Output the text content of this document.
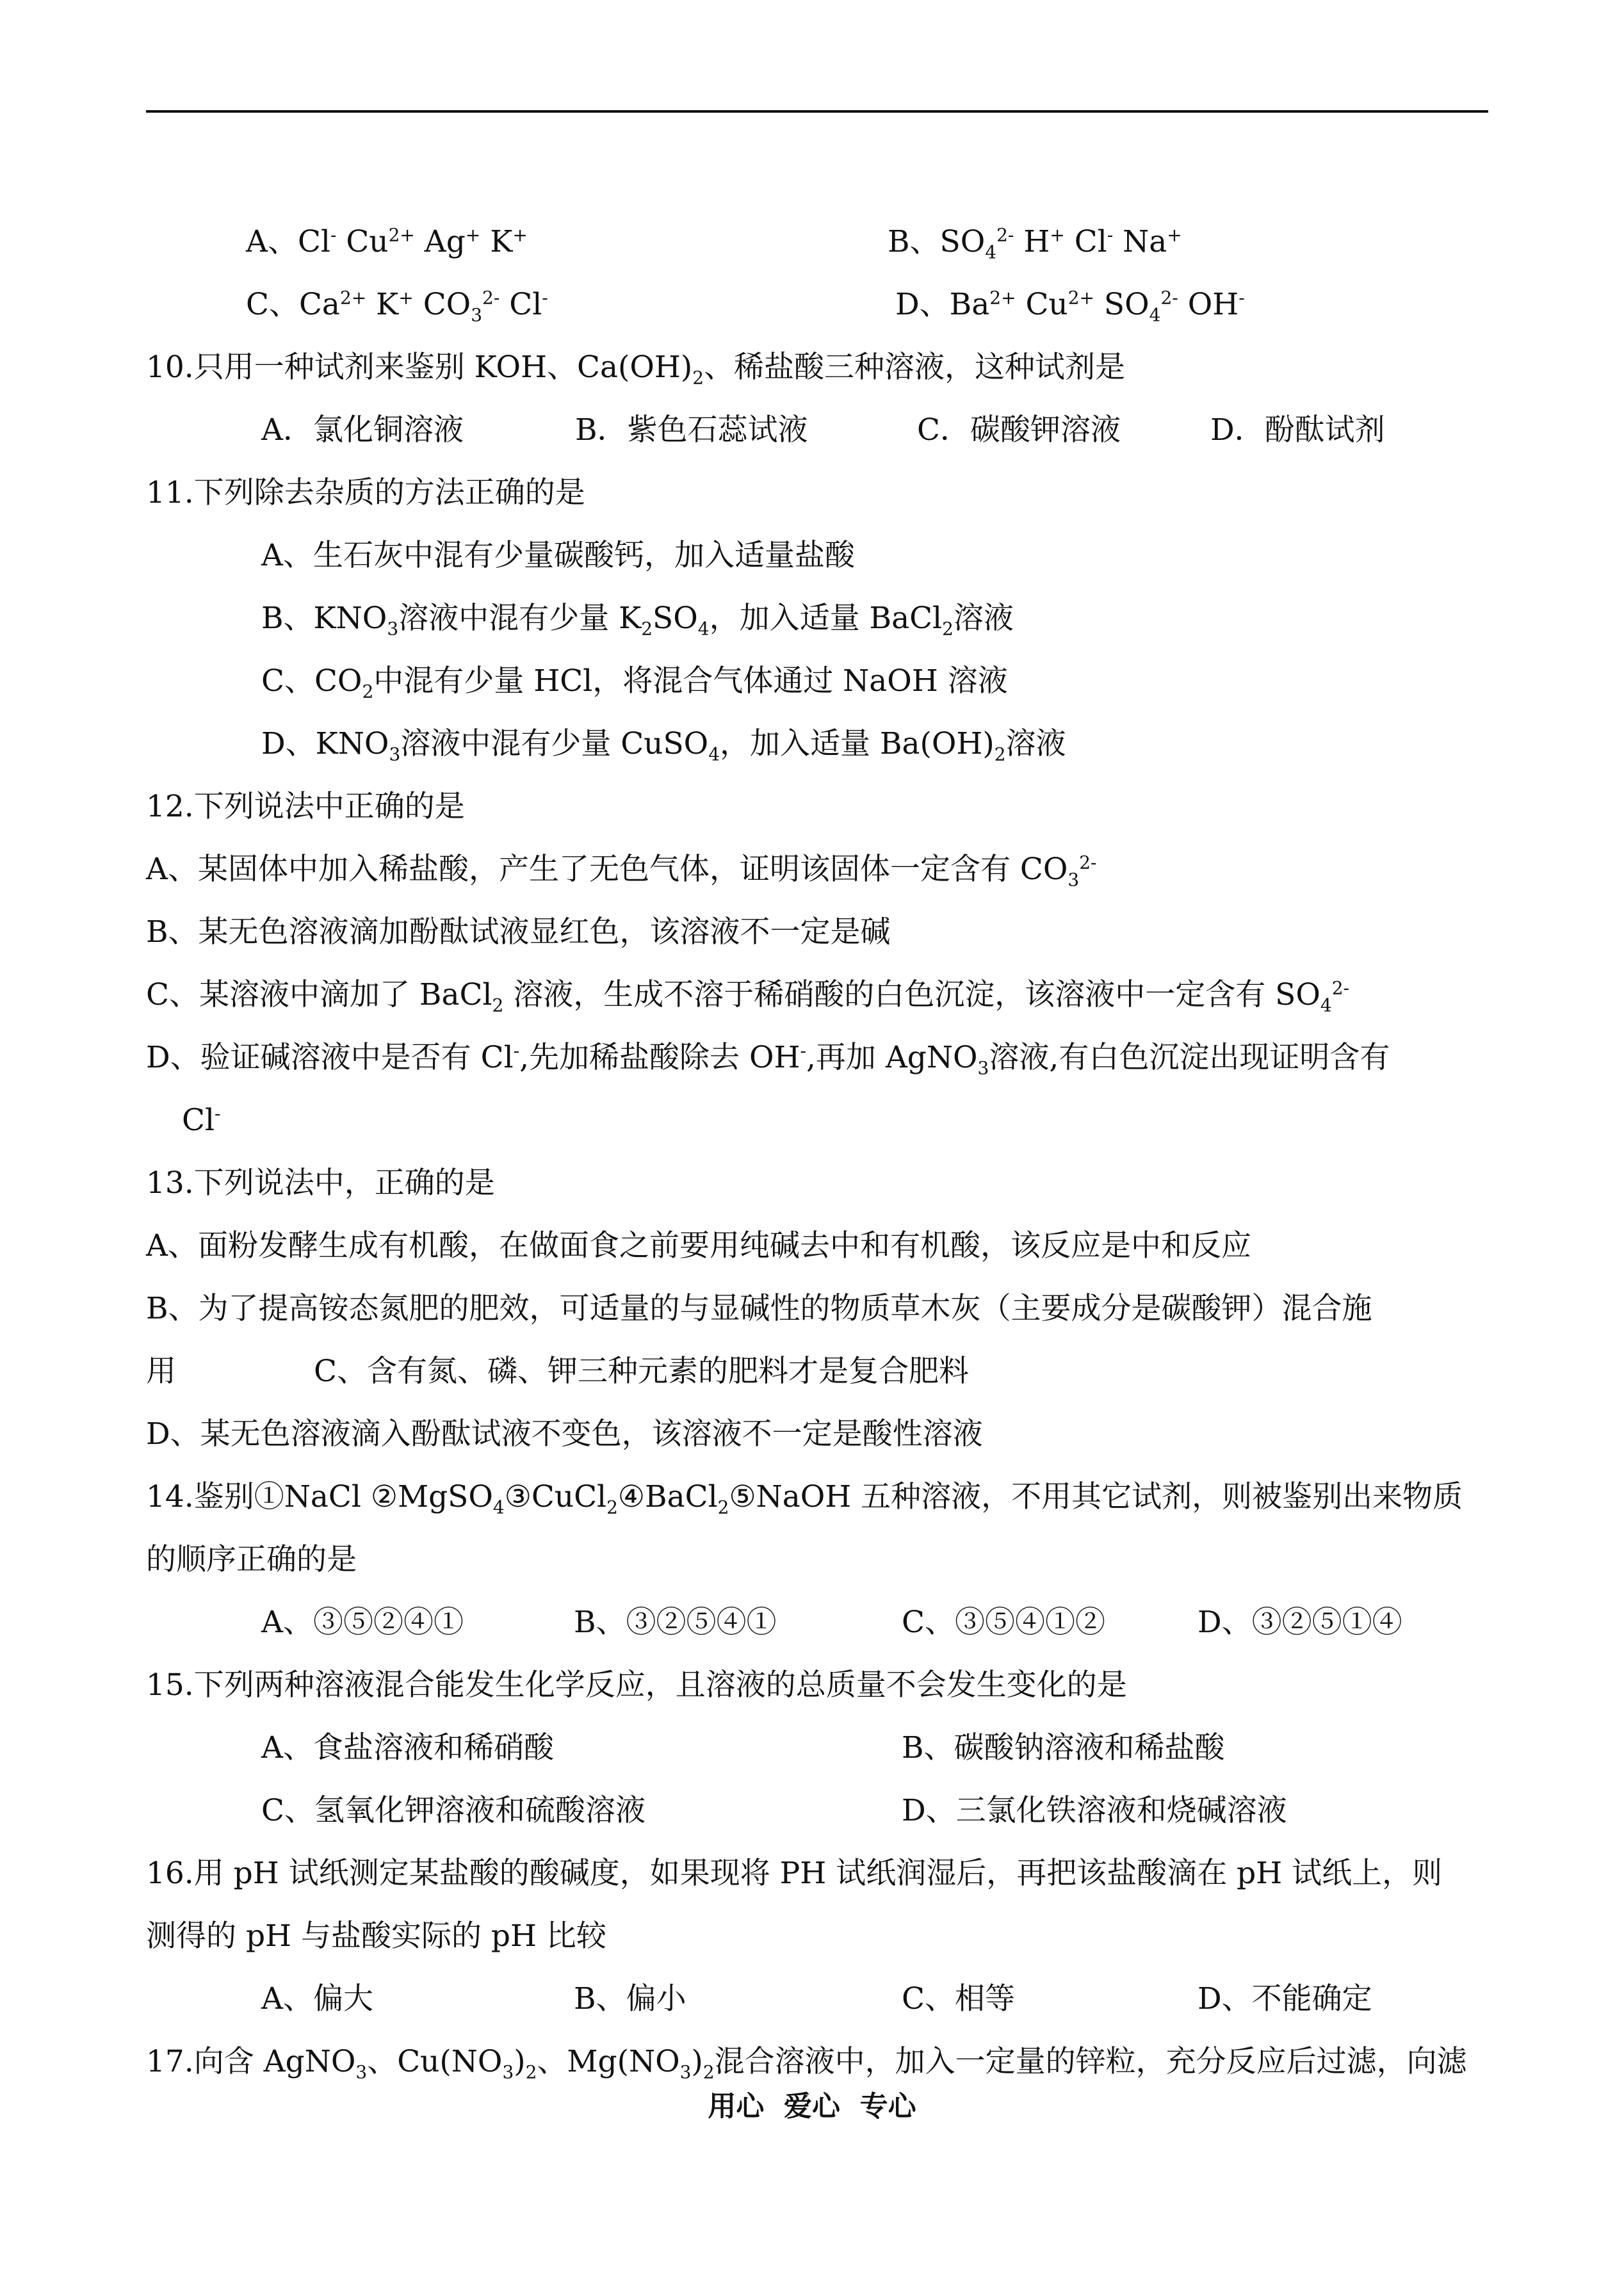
A、Cl- $Cu^{2+}$ Ag+ K+	B、$SO_4^{2-}$ H+ Cl- Na+
C、$Ca^{2+}$ K+ $CO_3^{2-}$ Cl-	D、$Ba^{2+}$ $Cu^{2+}$ $SO_4^{2-}$ OH-
10.只用一种试剂来鉴别 KOH、$Ca(OH)_2$、稀盐酸三种溶液，这种试剂是
A．氯化铜溶液	B．紫色石蕊试液	C．碳酸钾溶液	D．酚酞试剂
11.下列除去杂质的方法正确的是
A、生石灰中混有少量碳酸钙，加入适量盐酸
B、$KNO_3$溶液中混有少量 $K_2SO_4$，加入适量 BaCl$_2$溶液
C、$CO_2$中混有少量 HCl，将混合气体通过 NaOH 溶液
D、$KNO_3$溶液中混有少量 CuSO$_4$，加入适量 $Ba(OH)_2$溶液
12.下列说法中正确的是
A、某固体中加入稀盐酸，产生了无色气体，证明该固体一定含有 $CO_3^{2-}$
B、某无色溶液滴加酚酞试液显红色，该溶液不一定是碱
C、某溶液中滴加了 BaCl$_2$ 溶液，生成不溶于稀硝酸的白色沉淀，该溶液中一定含有 $SO_4^{2-}$
D、验证碱溶液中是否有 Cl-,先加稀盐酸除去 OH-,再加 AgNO$_3$溶液,有白色沉淀出现证明含有
Cl-
13.下列说法中，正确的是
A、面粉发酵生成有机酸，在做面食之前要用纯碱去中和有机酸，该反应是中和反应
B、为了提高铵态氮肥的肥效，可适量的与显碱性的物质草木灰（主要成分是碳酸钾）混合施
用	C、含有氮、磷、钾三种元素的肥料才是复合肥料
D、某无色溶液滴入酚酞试液不变色，该溶液不一定是酸性溶液
14.鉴别①NaCl ②MgSO$_4$③CuCl$_2$④BaCl$_2$⑤NaOH 五种溶液，不用其它试剂，则被鉴别出来物质
的顺序正确的是
A、③⑤②④①	B、③②⑤④①	C、③⑤④①②	D、③②⑤①④
15.下列两种溶液混合能发生化学反应，且溶液的总质量不会发生变化的是
A、食盐溶液和稀硝酸	B、碳酸钠溶液和稀盐酸
C、氢氧化钾溶液和硫酸溶液	D、三氯化铁溶液和烧碱溶液
16.用 pH 试纸测定某盐酸的酸碱度，如果现将 PH 试纸润湿后，再把该盐酸滴在 pH 试纸上，则
测得的 pH 与盐酸实际的 pH 比较
A、偏大	B、偏小	C、相等	D、不能确定
17.向含 AgNO$_3$、$Cu(NO_3)_2$、$Mg(NO_3)_2$混合溶液中，加入一定量的锌粒，充分反应后过滤，向滤
用心  爱心  专心
